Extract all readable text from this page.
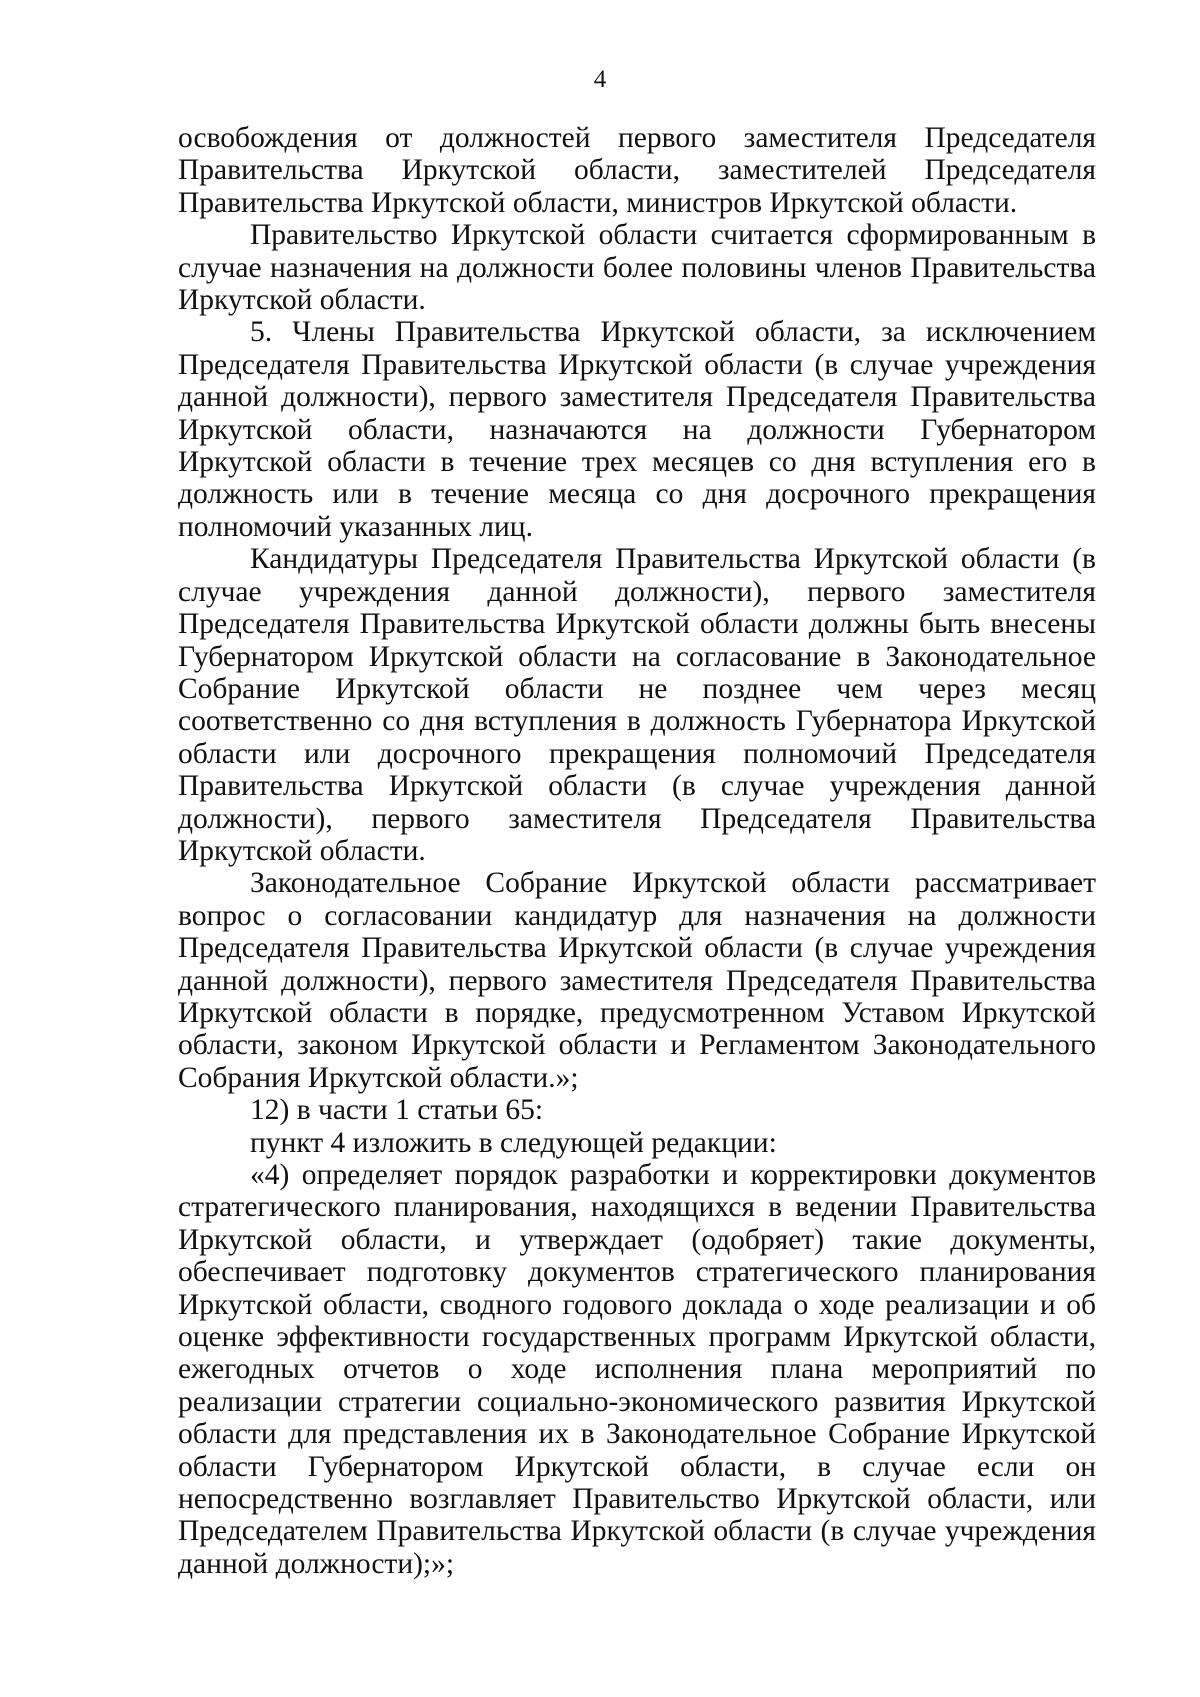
4

освобождения от должностей первого заместителя Председателя Правительства Иркутской области, заместителей Председателя Правительства Иркутской области, министров Иркутской области.

Правительство Иркутской области считается сформированным в случае назначения на должности более половины членов Правительства Иркутской области.

5. Члены Правительства Иркутской области, за исключением Председателя Правительства Иркутской области (в случае учреждения данной должности), первого заместителя Председателя Правительства Иркутской области, назначаются на должности Губернатором Иркутской области в течение трех месяцев со дня вступления его в должность или в течение месяца со дня досрочного прекращения полномочий указанных лиц.

Кандидатуры Председателя Правительства Иркутской области (в случае учреждения данной должности), первого заместителя Председателя Правительства Иркутской области должны быть внесены Губернатором Иркутской области на согласование в Законодательное Собрание Иркутской области не позднее чем через месяц соответственно со дня вступления в должность Губернатора Иркутской области или досрочного прекращения полномочий Председателя Правительства Иркутской области (в случае учреждения данной должности), первого заместителя Председателя Правительства Иркутской области.

Законодательное Собрание Иркутской области рассматривает вопрос о согласовании кандидатур для назначения на должности Председателя Правительства Иркутской области (в случае учреждения данной должности), первого заместителя Председателя Правительства Иркутской области в порядке, предусмотренном Уставом Иркутской области, законом Иркутской области и Регламентом Законодательного Собрания Иркутской области.»;

12) в части 1 статьи 65:

пункт 4 изложить в следующей редакции:

«4) определяет порядок разработки и корректировки документов стратегического планирования, находящихся в ведении Правительства Иркутской области, и утверждает (одобряет) такие документы, обеспечивает подготовку документов стратегического планирования Иркутской области, сводного годового доклада о ходе реализации и об оценке эффективности государственных программ Иркутской области, ежегодных отчетов о ходе исполнения плана мероприятий по реализации стратегии социально-экономического развития Иркутской области для представления их в Законодательное Собрание Иркутской области Губернатором Иркутской области, в случае если он непосредственно возглавляет Правительство Иркутской области, или Председателем Правительства Иркутской области (в случае учреждения данной должности);»;
